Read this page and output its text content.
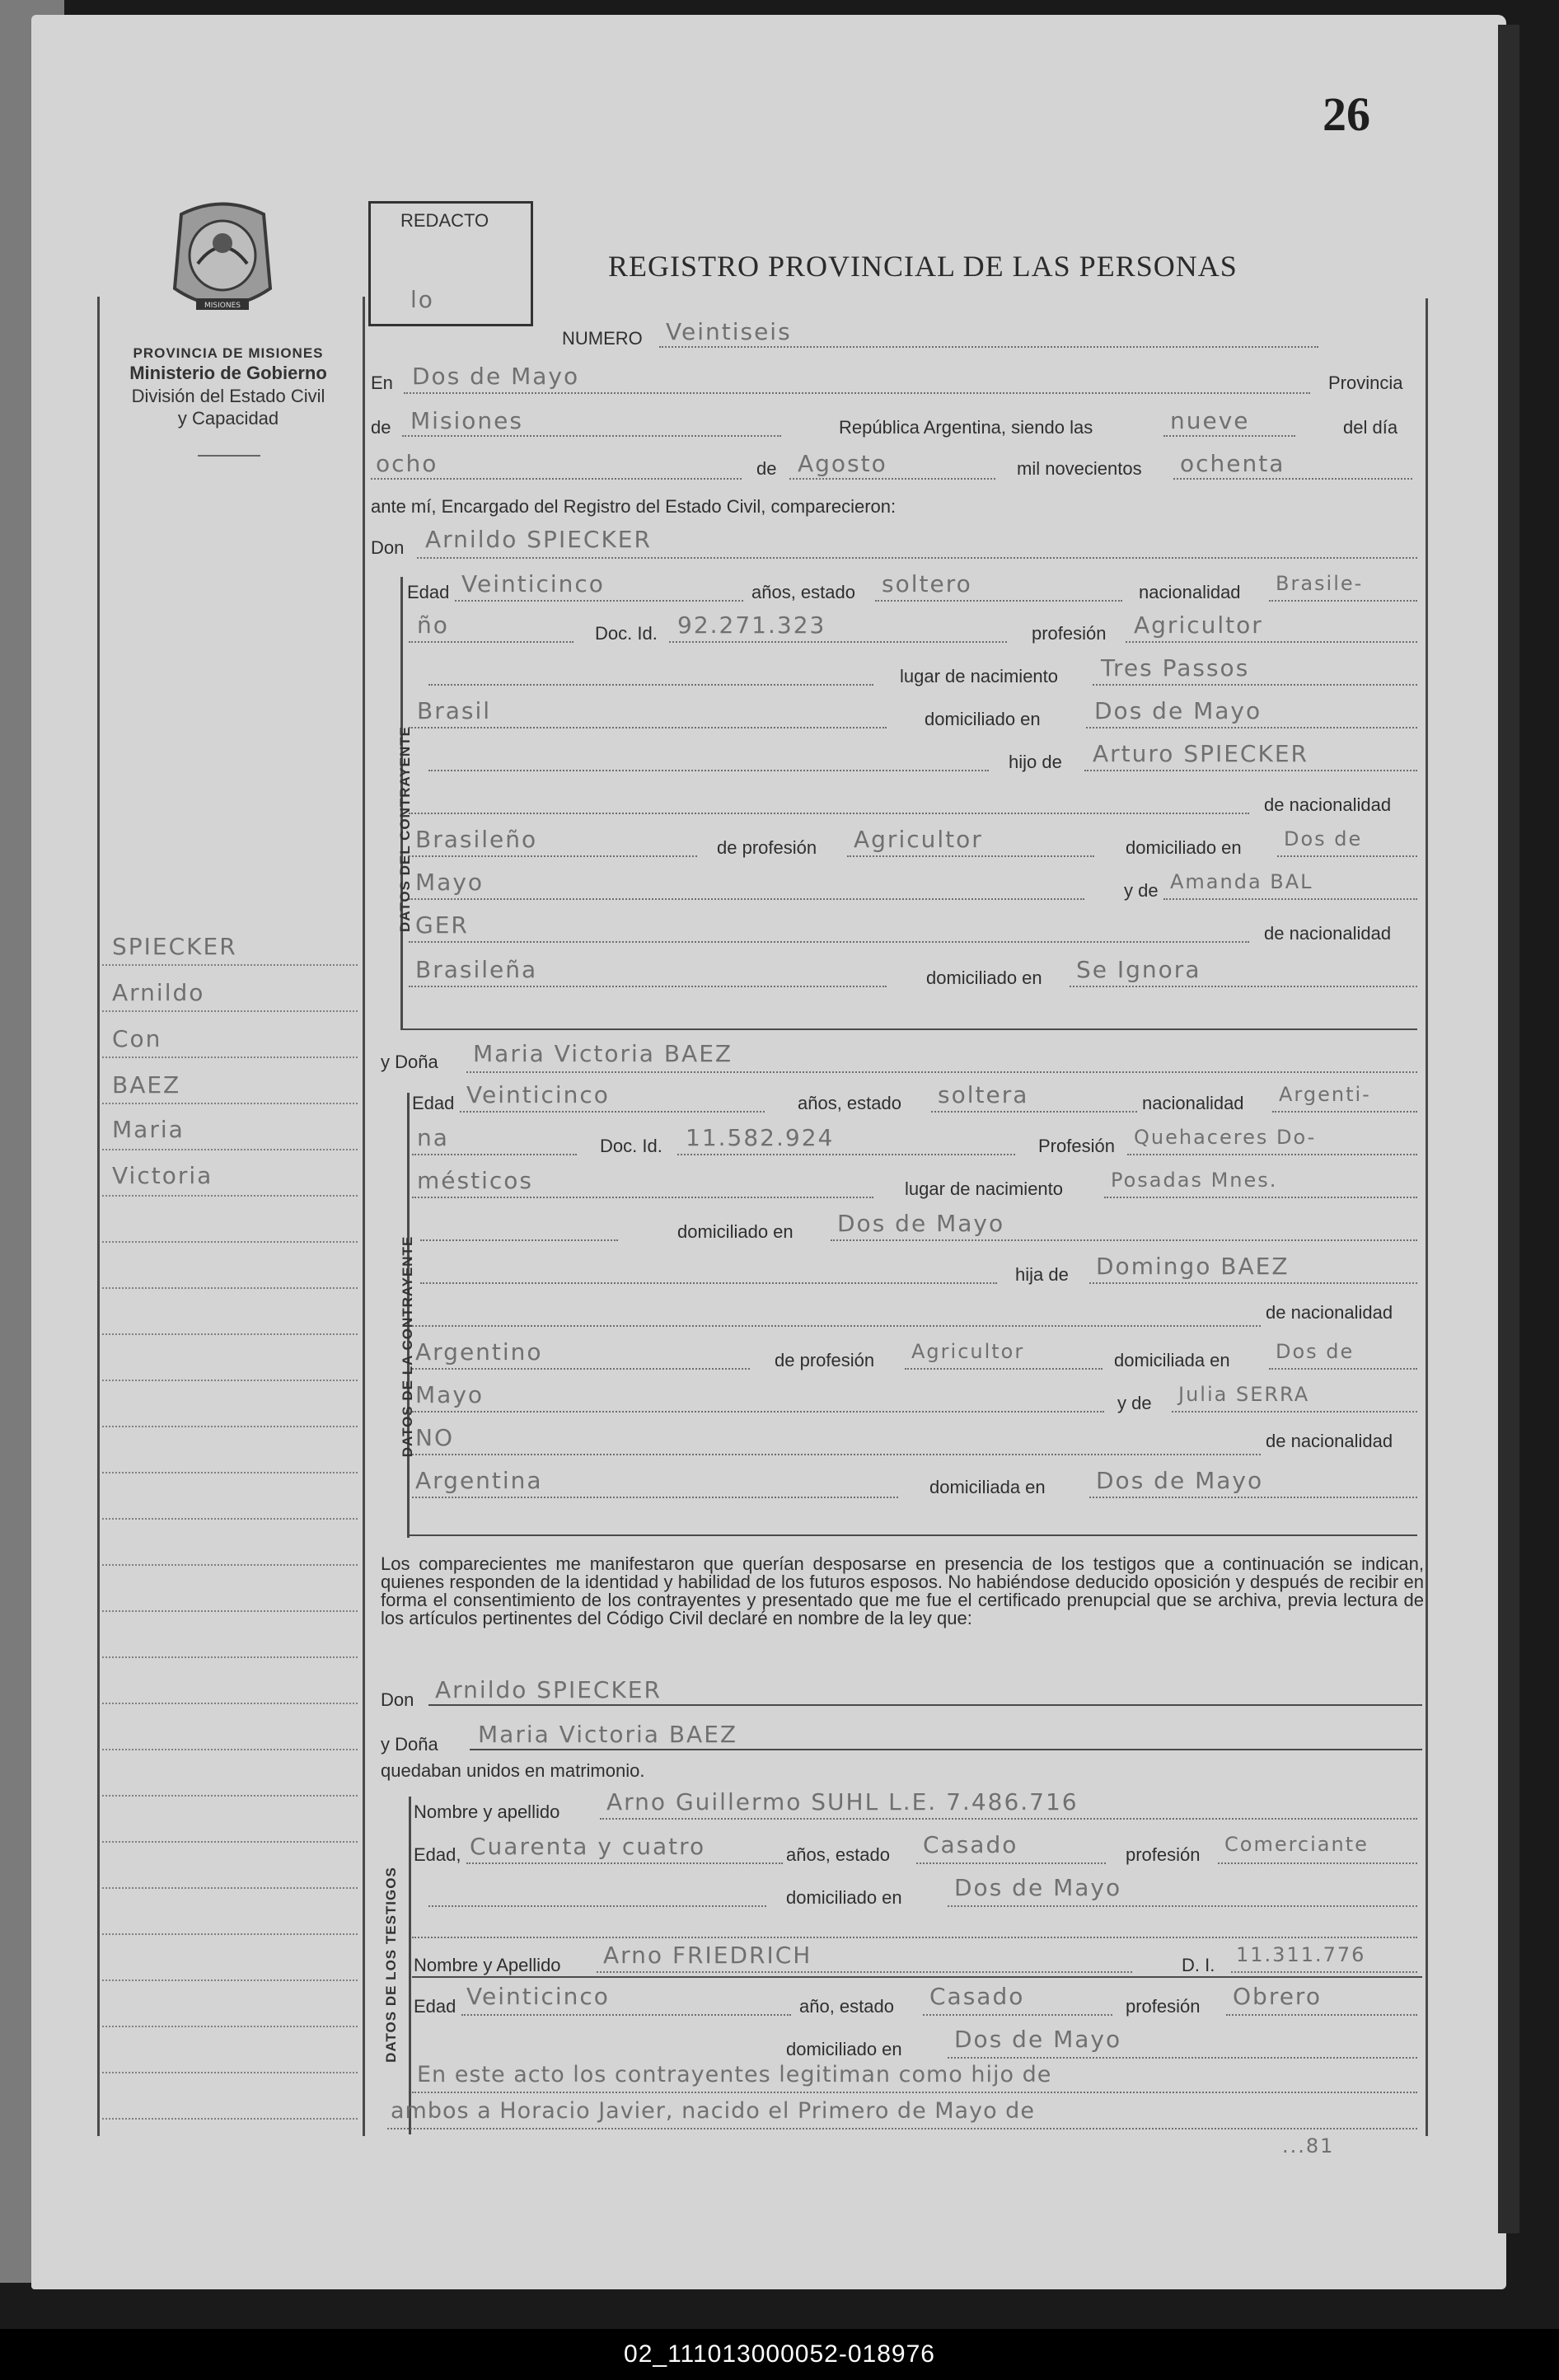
26
MISIONES
PROVINCIA DE MISIONES
Ministerio de Gobierno
División del Estado Civil
y Capacidad
REDACTO
lo
REGISTRO PROVINCIAL DE LAS PERSONAS
NUMERO Veintiseis
En Dos de Mayo	Provincia
de Misiones	República Argentina, siendo las	nueve	del día
ocho	de Agosto	mil novecientos ochenta
ante mí, Encargado del Registro del Estado Civil, comparecieron:
Don Arnildo SPIECKER
DATOS DEL CONTRAYENTE
Edad Veinticinco	años, estado soltero	nacionalidad Brasile-
ño	Doc. Id. 92.271.323	profesión Agricultor
lugar de nacimiento Tres Passos
Brasil	domiciliado en Dos de Mayo
hijo de Arturo SPIECKER
de nacionalidad
Brasileño	de profesión Agricultor	domiciliado en Dos de
Mayo	y de Amanda BAL
GER	de nacionalidad
Brasileña	domiciliado en Se Ignora
y Doña Maria Victoria BAEZ
DATOS DE LA CONTRAYENTE
Edad Veinticinco	años, estado soltera	nacionalidad Argenti-
na	Doc. Id. 11.582.924	Profesión Quehaceres Do-
mésticos	lugar de nacimiento Posadas Mnes.
domiciliado en Dos de Mayo
hija de Domingo BAEZ
de nacionalidad
Argentino	de profesión Agricultor	domiciliada en Dos de
Mayo	y de Julia SERRA
NO	de nacionalidad
Argentina	domiciliada en Dos de Mayo
Los comparecientes me manifestaron que querían desposarse en presencia de los testigos que a continuación se indican, quienes responden de la identidad y habilidad de los futuros esposos. No habiéndose deducido oposición y después de recibir en forma el consentimiento de los contrayentes y presentado que me fue el certificado prenupcial que se archiva, previa lectura de los artículos pertinentes del Código Civil declaré en nombre de la ley que:
Don Arnildo SPIECKER
y Doña Maria Victoria BAEZ
quedaban unidos en matrimonio.
DATOS DE LOS TESTIGOS
Nombre y apellido Arno Guillermo SUHL L.E. 7.486.716
Edad, Cuarenta y cuatro	años, estado Casado	profesión Comerciante
domiciliado en Dos de Mayo
Nombre y Apellido Arno FRIEDRICH	D. I. 11.311.776
Edad Veinticinco	año, estado Casado	profesión Obrero
domiciliado en Dos de Mayo
En este acto los contrayentes legitiman como hijo de
ambos a Horacio Javier, nacido el Primero de Mayo de
...81
SPIECKER
Arnildo
Con
BAEZ
Maria
Victoria
02_111013000052-018976
